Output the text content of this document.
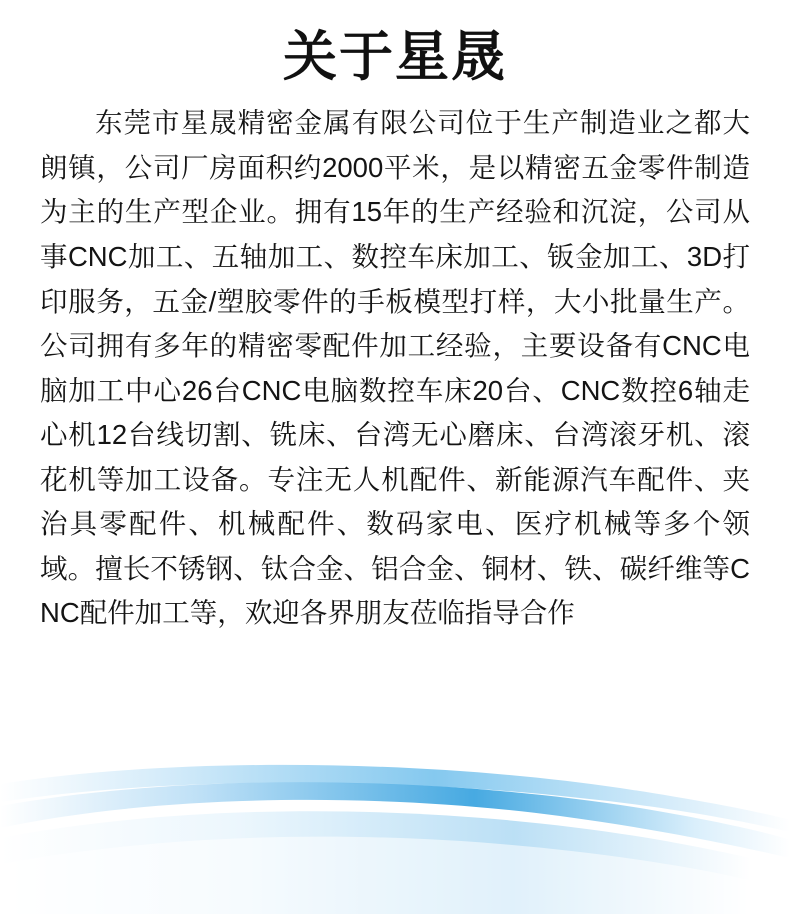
关于星晟

东莞市星晟精密金属有限公司位于生产制造业之都大朗镇，公司厂房面积约2000平米，是以精密五金零件制造为主的生产型企业。拥有15年的生产经验和沉淀，公司从事CNC加工、五轴加工、数控车床加工、钣金加工、3D打印服务，五金/塑胶零件的手板模型打样，大小批量生产。公司拥有多年的精密零配件加工经验，主要设备有CNC电脑加工中心26台CNC电脑数控车床20台、CNC数控6轴走心机12台线切割、铣床、台湾无心磨床、台湾滚牙机、滚花机等加工设备。专注无人机配件、新能源汽车配件、夹治具零配件、机械配件、数码家电、医疗机械等多个领域。擅长不锈钢、钛合金、铝合金、铜材、铁、碳纤维等CNC配件加工等，欢迎各界朋友莅临指导合作
